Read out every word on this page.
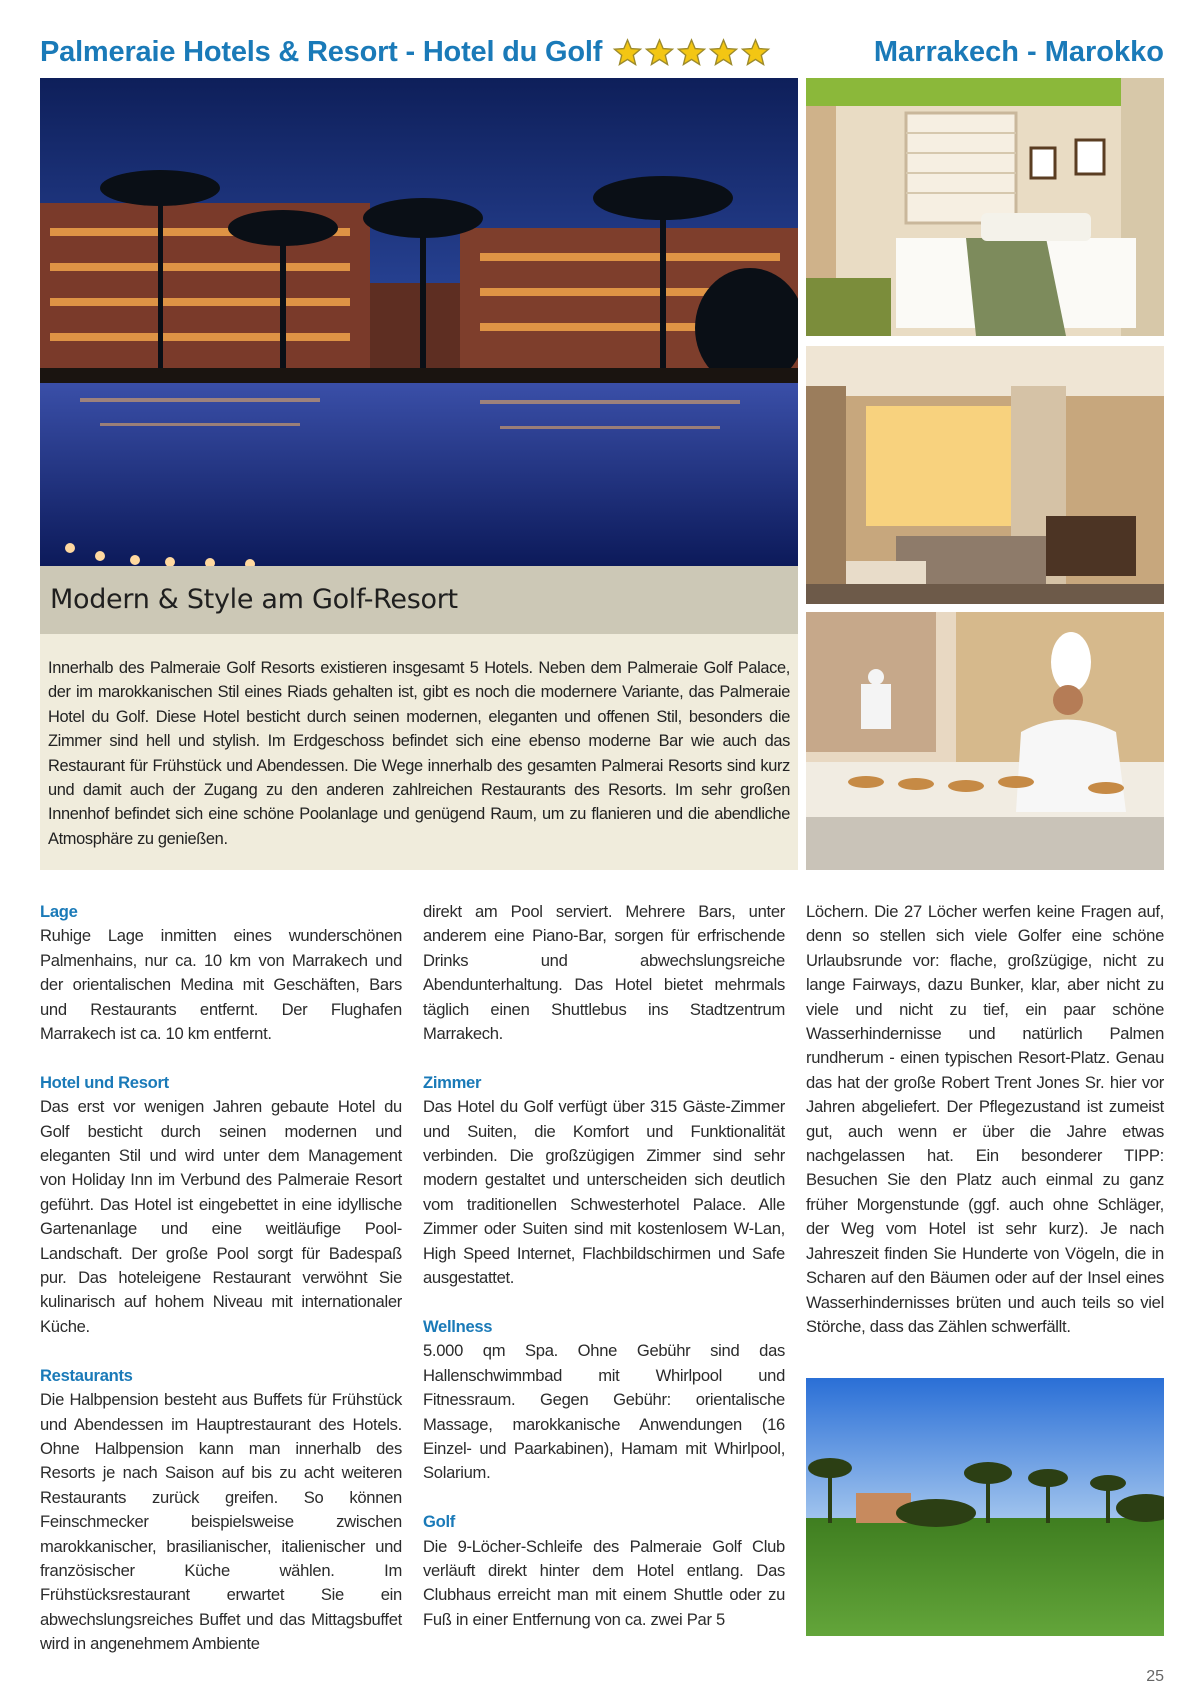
Palmeraie Hotels & Resort - Hotel du Golf	Marrakech - Marokko
Modern & Style am Golf-Resort

Innerhalb des Palmeraie Golf Resorts existieren insgesamt 5 Hotels. Neben dem Palmeraie Golf Palace, der im marokkanischen Stil eines Riads gehalten ist, gibt es noch die modernere Variante, das Palmeraie Hotel du Golf. Diese Hotel besticht durch seinen modernen, eleganten und offenen Stil, besonders die Zimmer sind hell und stylish. Im Erdgeschoss befindet sich eine ebenso moderne Bar wie auch das Restaurant für Frühstück und Abendessen. Die Wege innerhalb des gesamten Palmerai Resorts sind kurz und damit auch der Zugang zu den anderen zahlreichen Restaurants des Resorts. Im sehr großen Innenhof befindet sich eine schöne Poolanlage und genügend Raum, um zu flanieren und die abendliche Atmosphäre zu genießen.

Lage

Ruhige Lage inmitten eines wunderschönen Palmenhains, nur ca. 10 km von Marrakech und der orientalischen Medina mit Geschäften, Bars und Restaurants entfernt. Der Flughafen Marrakech ist ca. 10 km entfernt.

Hotel und Resort

Das erst vor wenigen Jahren gebaute Hotel du Golf besticht durch seinen modernen und eleganten Stil und wird unter dem Management von Holiday Inn im Verbund des Palmeraie Resort geführt. Das Hotel ist eingebettet in eine idyllische Gartenanlage und eine weitläufige Pool-Landschaft. Der große Pool sorgt für Badespaß pur. Das hoteleigene Restaurant verwöhnt Sie kulinarisch auf hohem Niveau mit internationaler Küche.

Restaurants

Die Halbpension besteht aus Buffets für Frühstück und Abendessen im Hauptrestaurant des Hotels. Ohne Halbpension kann man innerhalb des Resorts je nach Saison auf bis zu acht weiteren Restaurants zurück greifen. So können Feinschmecker beispielsweise zwischen marokkanischer, brasilianischer, italienischer und französischer Küche wählen. Im Frühstücksrestaurant erwartet Sie ein abwechslungsreiches Buffet und das Mittagsbuffet wird in angenehmem Ambiente

direkt am Pool serviert. Mehrere Bars, unter anderem eine Piano-Bar, sorgen für erfrischende Drinks und abwechslungsreiche Abendunterhaltung. Das Hotel bietet mehrmals täglich einen Shuttlebus ins Stadtzentrum Marrakech.

Zimmer

Das Hotel du Golf verfügt über 315 Gäste-Zimmer und Suiten, die Komfort und Funktionalität verbinden. Die großzügigen Zimmer sind sehr modern gestaltet und unterscheiden sich deutlich vom traditionellen Schwesterhotel Palace. Alle Zimmer oder Suiten sind mit kostenlosem W-Lan, High Speed Internet, Flachbildschirmen und Safe ausgestattet.

Wellness

5.000 qm Spa. Ohne Gebühr sind das Hallenschwimmbad mit Whirlpool und Fitnessraum. Gegen Gebühr: orientalische Massage, marokkanische Anwendungen (16 Einzel- und Paarkabinen), Hamam mit Whirlpool, Solarium.

Golf

Die 9-Löcher-Schleife des Palmeraie Golf Club verläuft direkt hinter dem Hotel entlang. Das Clubhaus erreicht man mit einem Shuttle oder zu Fuß in einer Entfernung von ca. zwei Par 5

Löchern. Die 27 Löcher werfen keine Fragen auf, denn so stellen sich viele Golfer eine schöne Urlaubsrunde vor: flache, großzügige, nicht zu lange Fairways, dazu Bunker, klar, aber nicht zu viele und nicht zu tief, ein paar schöne Wasserhindernisse und natürlich Palmen rundherum - einen typischen Resort-Platz. Genau das hat der große Robert Trent Jones Sr. hier vor Jahren abgeliefert. Der Pflegezustand ist zumeist gut, auch wenn er über die Jahre etwas nachgelassen hat. Ein besonderer TIPP: Besuchen Sie den Platz auch einmal zu ganz früher Morgenstunde (ggf. auch ohne Schläger, der Weg vom Hotel ist sehr kurz). Je nach Jahreszeit finden Sie Hunderte von Vögeln, die in Scharen auf den Bäumen oder auf der Insel eines Wasserhindernisses brüten und auch teils so viel Störche, dass das Zählen schwerfällt.

25
